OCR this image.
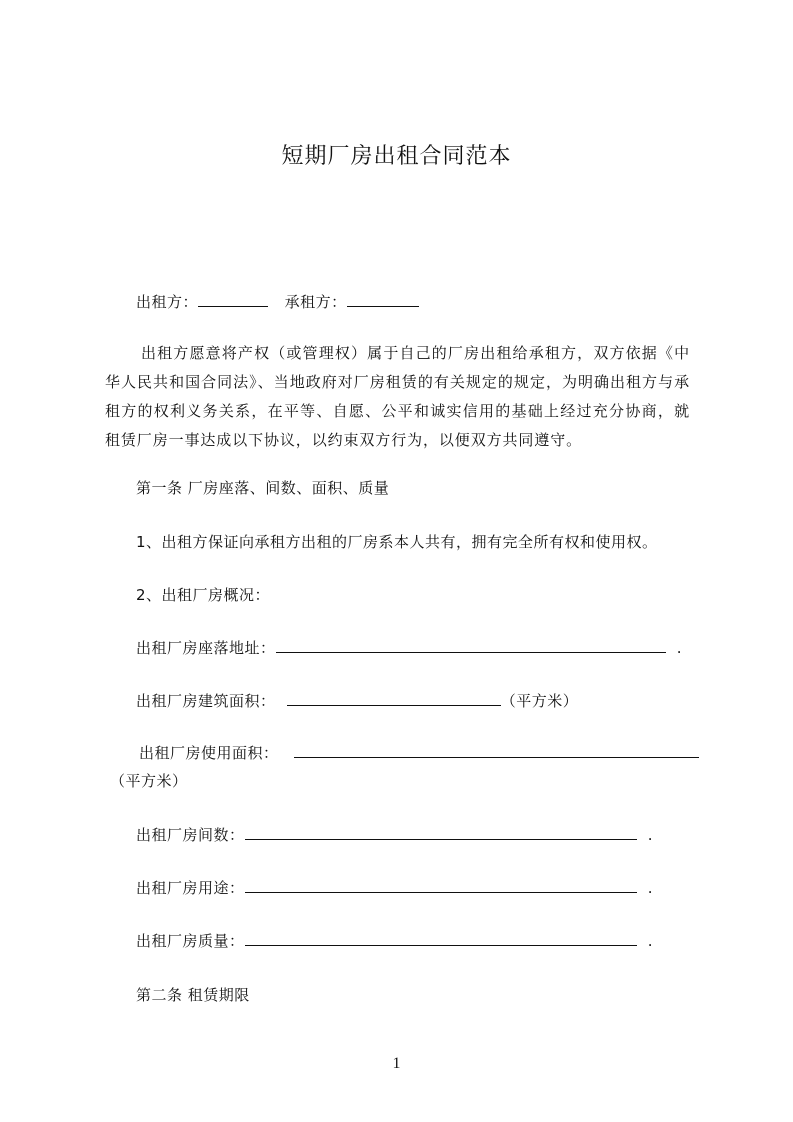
短期厂房出租合同范本
出租方：	承租方：
出租方愿意将产权（或管理权）属于自己的厂房出租给承租方，双方依据《中华人民共和国合同法》、当地政府对厂房租赁的有关规定的规定，为明确出租方与承租方的权利义务关系，在平等、自愿、公平和诚实信用的基础上经过充分协商，就租赁厂房一事达成以下协议，以约束双方行为，以便双方共同遵守。
第一条 厂房座落、间数、面积、质量
1、出租方保证向承租方出租的厂房系本人共有，拥有完全所有权和使用权。
2、出租厂房概况：
出租厂房座落地址：	.
出租厂房建筑面积：	（平方米）
出租厂房使用面积：
（平方米）
出租厂房间数：	.
出租厂房用途：	.
出租厂房质量：	.
第二条 租赁期限
1
